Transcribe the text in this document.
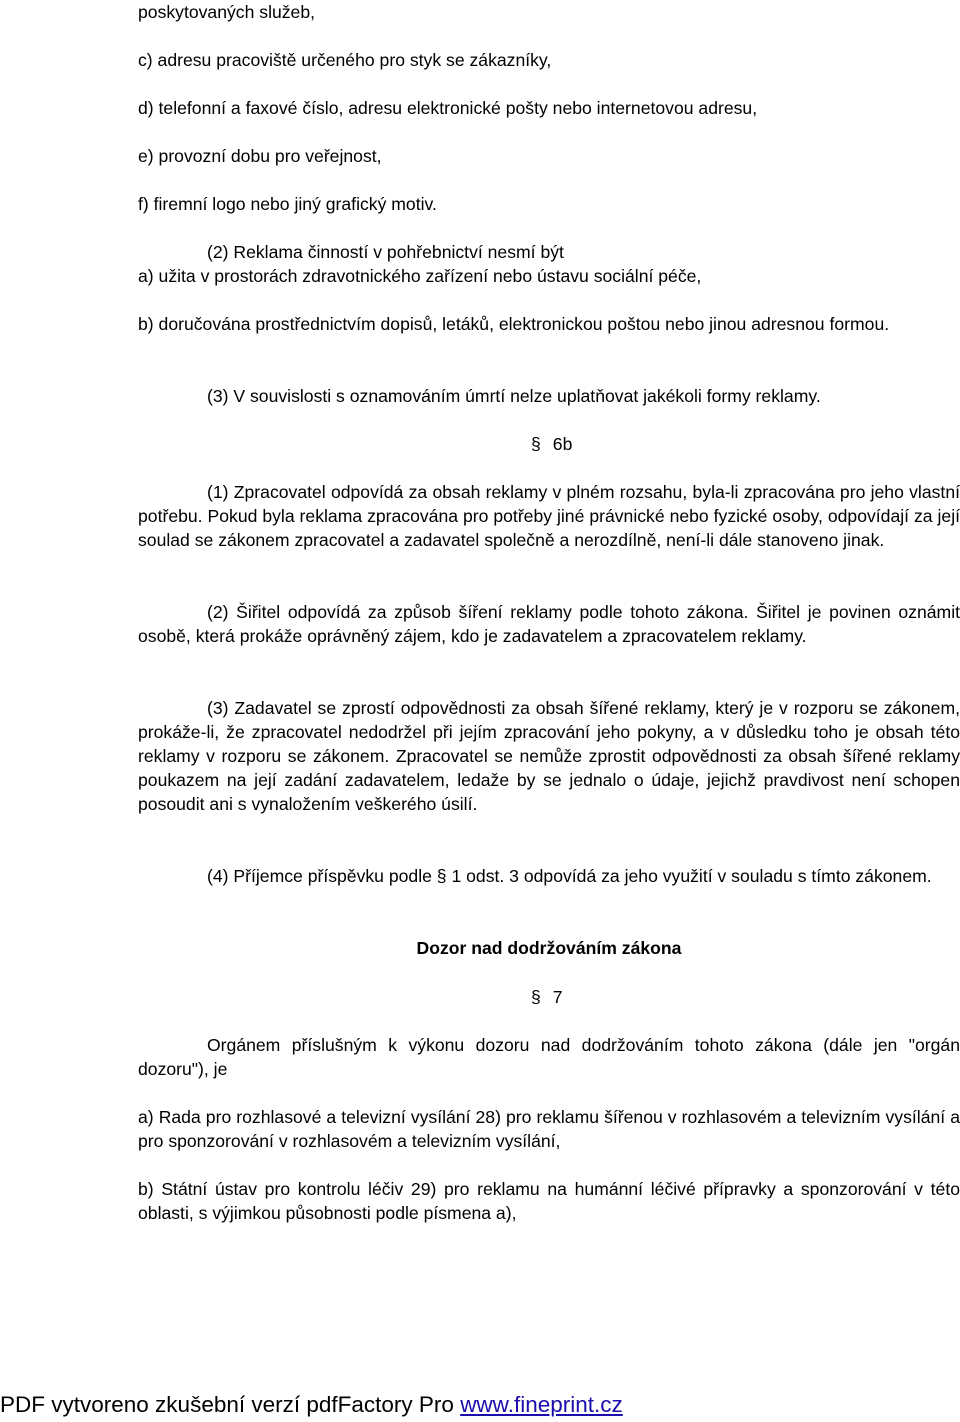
poskytovaných služeb,
c) adresu pracoviště určeného pro styk se zákazníky,
d) telefonní a faxové číslo, adresu elektronické pošty nebo internetovou adresu,
e) provozní dobu pro veřejnost,
f) firemní logo nebo jiný grafický motiv.
(2) Reklama činností v pohřebnictví nesmí být
a) užita v prostorách zdravotnického zařízení nebo ústavu sociální péče,
b) doručována prostřednictvím dopisů, letáků, elektronickou poštou nebo jinou adresnou formou.
(3) V souvislosti s oznamováním úmrtí nelze uplatňovat jakékoli formy reklamy.
§ 6b
(1) Zpracovatel odpovídá za obsah reklamy v plném rozsahu, byla-li zpracována pro jeho vlastní potřebu. Pokud byla reklama zpracována pro potřeby jiné právnické nebo fyzické osoby, odpovídají za její soulad se zákonem zpracovatel a zadavatel společně a nerozdílně, není-li dále stanoveno jinak.
(2) Šiřitel odpovídá za způsob šíření reklamy podle tohoto zákona. Šiřitel je povinen oznámit osobě, která prokáže oprávněný zájem, kdo je zadavatelem a zpracovatelem reklamy.
(3) Zadavatel se zprostí odpovědnosti za obsah šířené reklamy, který je v rozporu se zákonem, prokáže-li, že zpracovatel nedodržel při jejím zpracování jeho pokyny, a v důsledku toho je obsah této reklamy v rozporu se zákonem. Zpracovatel se nemůže zprostit odpovědnosti za obsah šířené reklamy poukazem na její zadání zadavatelem, ledaže by se jednalo o údaje, jejichž pravdivost není schopen posoudit ani s vynaložením veškerého úsilí.
(4) Příjemce příspěvku podle § 1 odst. 3 odpovídá za jeho využití v souladu s tímto zákonem.
Dozor nad dodržováním zákona
§ 7
Orgánem příslušným k výkonu dozoru nad dodržováním tohoto zákona (dále jen "orgán dozoru"), je
a) Rada pro rozhlasové a televizní vysílání 28) pro reklamu šířenou v rozhlasovém a televizním vysílání a pro sponzorování v rozhlasovém a televizním vysílání,
b) Státní ústav pro kontrolu léčiv 29) pro reklamu na humánní léčivé přípravky a sponzorování v této oblasti, s výjimkou působnosti podle písmena a),
PDF vytvoreno zkušební verzí pdfFactory Pro www.fineprint.cz
